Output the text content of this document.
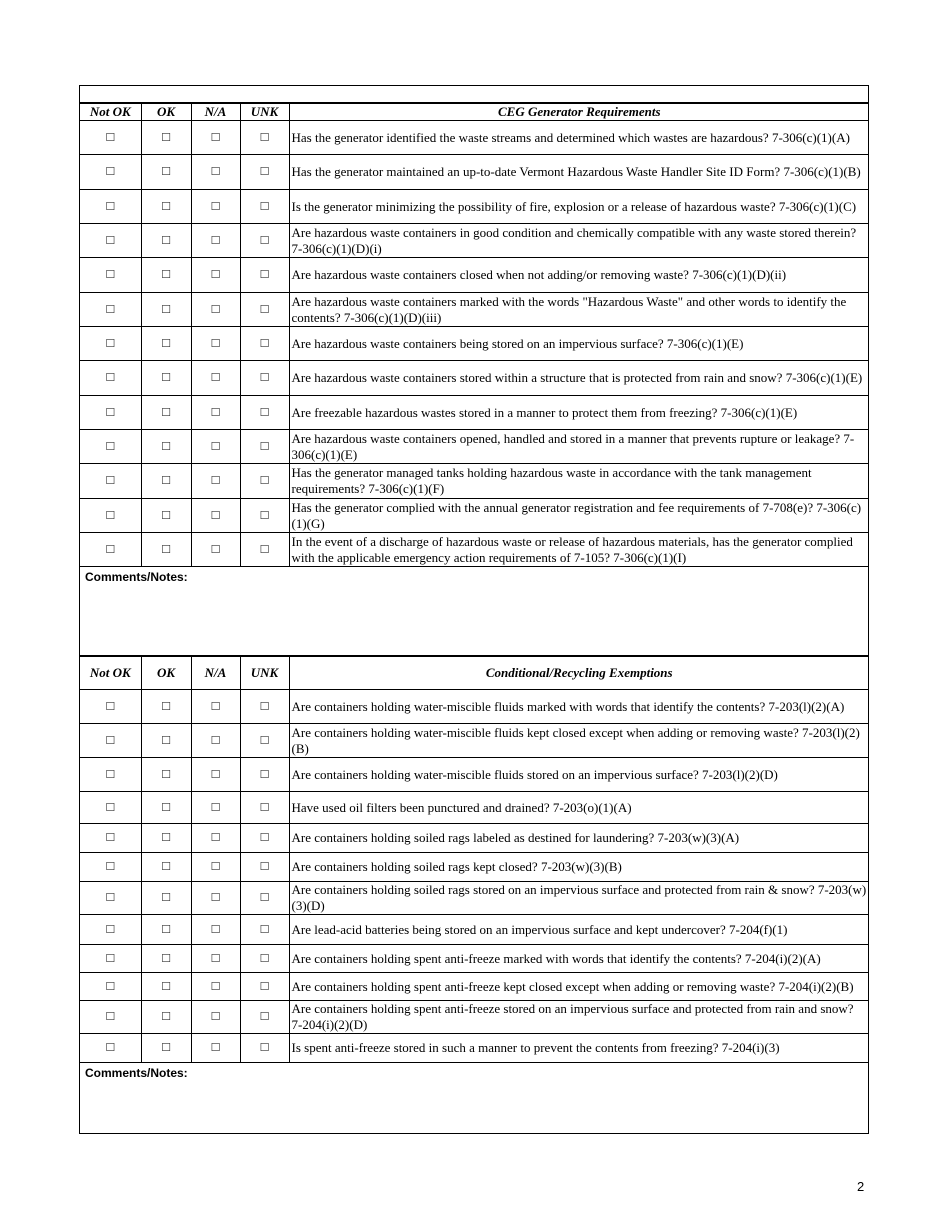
Not OK	OK	N/A	UNK	CEG Generator Requirements
☐	☐	☐	☐	Has the generator identified the waste streams and determined which wastes are hazardous? 7-306(c)(1)(A)
☐	☐	☐	☐	Has the generator maintained an up-to-date Vermont Hazardous Waste Handler Site ID Form? 7-306(c)(1)(B)
☐	☐	☐	☐	Is the generator minimizing the possibility of fire, explosion or a release of hazardous waste? 7-306(c)(1)(C)
☐	☐	☐	☐	Are hazardous waste containers in good condition and chemically compatible with any waste stored therein? 7-306(c)(1)(D)(i)
☐	☐	☐	☐	Are hazardous waste containers closed when not adding/or removing waste? 7-306(c)(1)(D)(ii)
☐	☐	☐	☐	Are hazardous waste containers marked with the words "Hazardous Waste" and other words to identify the contents? 7-306(c)(1)(D)(iii)
☐	☐	☐	☐	Are hazardous waste containers being stored on an impervious surface? 7-306(c)(1)(E)
☐	☐	☐	☐	Are hazardous waste containers stored within a structure that is protected from rain and snow? 7-306(c)(1)(E)
☐	☐	☐	☐	Are freezable hazardous wastes stored in a manner to protect them from freezing? 7-306(c)(1)(E)
☐	☐	☐	☐	Are hazardous waste containers opened, handled and stored in a manner that prevents rupture or leakage? 7-306(c)(1)(E)
☐	☐	☐	☐	Has the generator managed tanks holding hazardous waste in accordance with the tank management requirements? 7-306(c)(1)(F)
☐	☐	☐	☐	Has the generator complied with the annual generator registration and fee requirements of 7-708(e)? 7-306(c)(1)(G)
☐	☐	☐	☐	In the event of a discharge of hazardous waste or release of hazardous materials, has the generator complied with the applicable emergency action requirements of 7-105? 7-306(c)(1)(I)
Comments/Notes:
Not OK	OK	N/A	UNK	Conditional/Recycling Exemptions
☐	☐	☐	☐	Are containers holding water-miscible fluids marked with words that identify the contents? 7-203(l)(2)(A)
☐	☐	☐	☐	Are containers holding water-miscible fluids kept closed except when adding or removing waste? 7-203(l)(2)(B)
☐	☐	☐	☐	Are containers holding water-miscible fluids stored on an impervious surface? 7-203(l)(2)(D)
☐	☐	☐	☐	Have used oil filters been punctured and drained? 7-203(o)(1)(A)
☐	☐	☐	☐	Are containers holding soiled rags labeled as destined for laundering? 7-203(w)(3)(A)
☐	☐	☐	☐	Are containers holding soiled rags kept closed? 7-203(w)(3)(B)
☐	☐	☐	☐	Are containers holding soiled rags stored on an impervious surface and protected from rain & snow? 7-203(w)(3)(D)
☐	☐	☐	☐	Are lead-acid batteries being stored on an impervious surface and kept undercover? 7-204(f)(1)
☐	☐	☐	☐	Are containers holding spent anti-freeze marked with words that identify the contents? 7-204(i)(2)(A)
☐	☐	☐	☐	Are containers holding spent anti-freeze kept closed except when adding or removing waste? 7-204(i)(2)(B)
☐	☐	☐	☐	Are containers holding spent anti-freeze stored on an impervious surface and protected from rain and snow? 7-204(i)(2)(D)
☐	☐	☐	☐	Is spent anti-freeze stored in such a manner to prevent the contents from freezing? 7-204(i)(3)
Comments/Notes:
2
